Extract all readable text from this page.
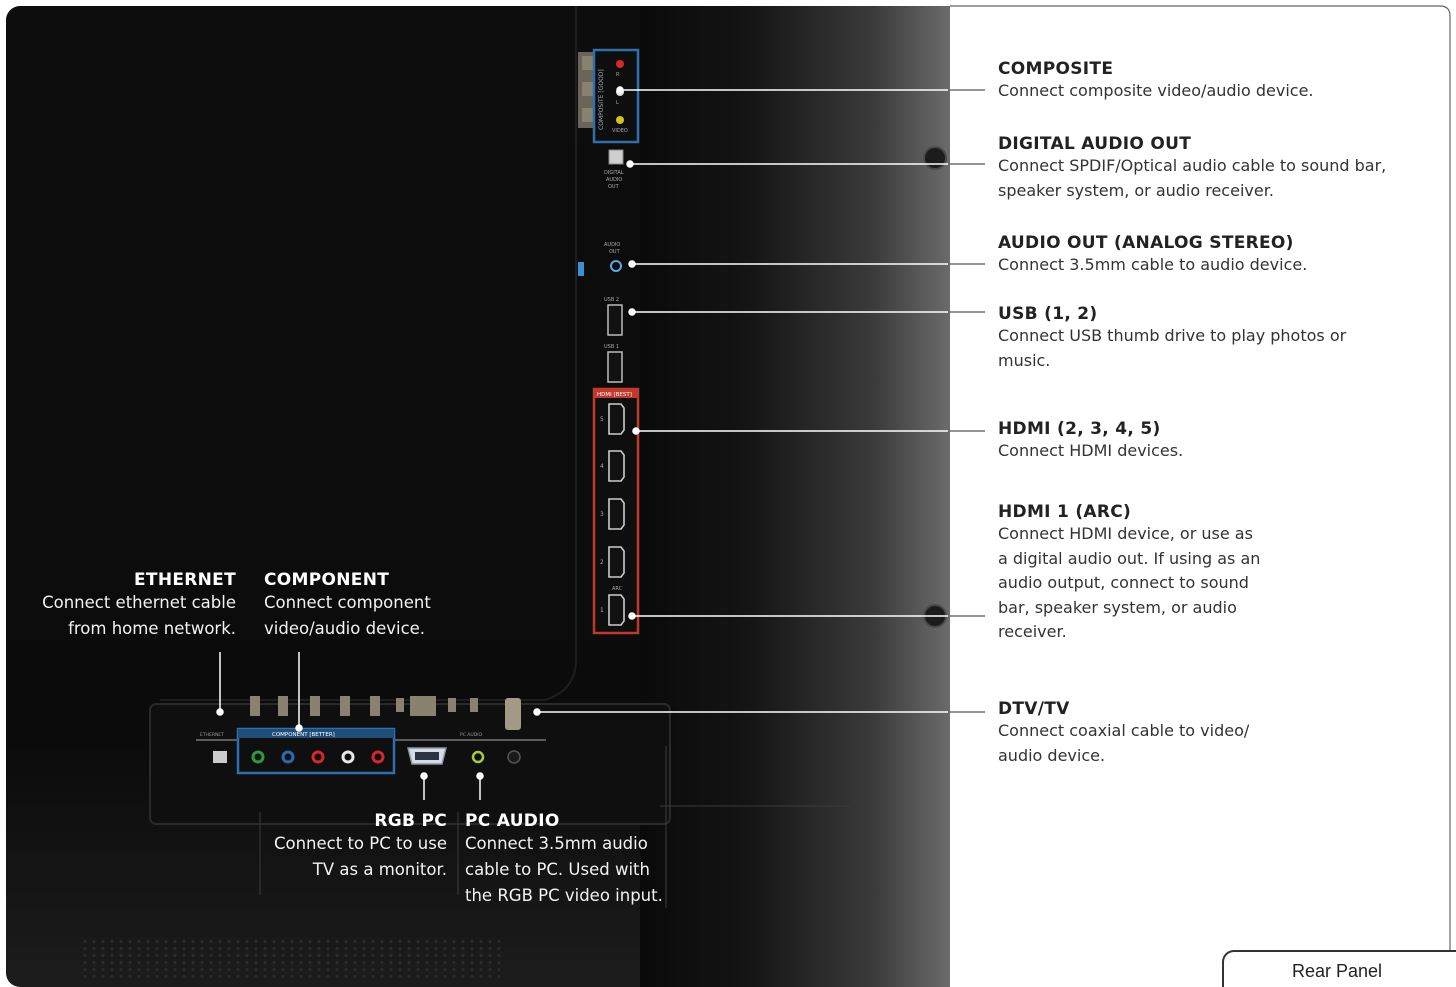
COMPOSITE [GOOD] R
L
VIDEO
DIGITAL
AUDIO
OUT
AUDIO
OUT
USB 2
USB 1
HDMI [BEST]
5
4
3
2
ARC
1
ETHERNET	COMPONENT [BETTER]	PC AUDIO
COMPOSITE
Connect composite video/audio device.
DIGITAL AUDIO OUT
Connect SPDIF/Optical audio cable to sound bar,
speaker system, or audio receiver.
AUDIO OUT (ANALOG STEREO)
Connect 3.5mm cable to audio device.
USB (1, 2)
Connect USB thumb drive to play photos or
music.
HDMI (2, 3, 4, 5)
Connect HDMI devices.
HDMI 1 (ARC)
Connect HDMI device, or use as
a digital audio out. If using as an
audio output, connect to sound
bar, speaker system, or audio
receiver.
DTV/TV
Connect coaxial cable to video/
audio device.
ETHERNET
Connect ethernet cable
from home network.
COMPONENT
Connect component
video/audio device.
RGB PC
Connect to PC to use
TV as a monitor.
PC AUDIO
Connect 3.5mm audio
cable to PC. Used with
the RGB PC video input.
Rear Panel
